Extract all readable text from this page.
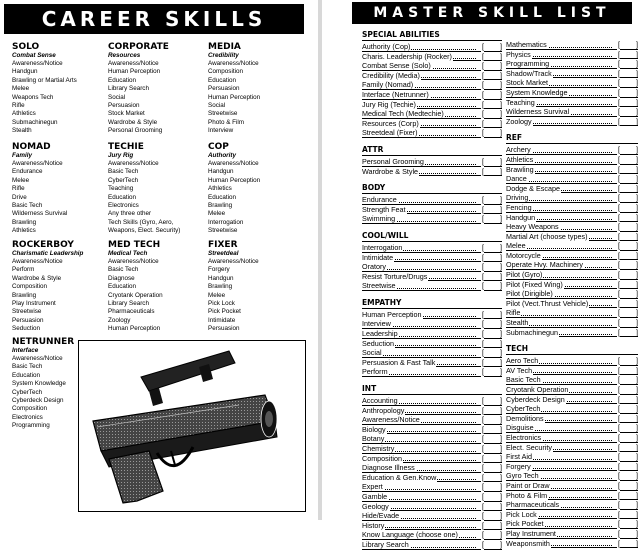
CAREER SKILLS
SOLO
Combat Sense
Awareness/Notice
Handgun
Brawling or Martial Arts
Melee
Weapons Tech
Rifle
Athletics
Submachinegun
Stealth
CORPORATE
Resources
Awareness/Notice
Human Perception
Education
Library Search
Social
Persuasion
Stock Market
Wardrobe & Style
Personal Grooming
MEDIA
Credibility
Awareness/Notice
Composition
Education
Persuasion
Human Perception
Social
Streetwise
Photo & Film
Interview
NOMAD
Family
Awareness/Notice
Endurance
Melee
Rifle
Drive
Basic Tech
Wilderness Survival
Brawling
Athletics
TECHIE
Jury Rig
Awareness/Notice
Basic Tech
CyberTech
Teaching
Education
Electronics
Any three other
Tech Skills (Gyro, Aero,
Weapons, Elect. Security)
COP
Authority
Awareness/Notice
Handgun
Human Perception
Athletics
Education
Brawling
Melee
Interrogation
Streetwise
ROCKERBOY
Charismatic Leadership
Awareness/Notice
Perform
Wardrobe & Style
Composition
Brawling
Play Instrument
Streetwise
Persuasion
Seduction
MED TECH
Medical Tech
Awareness/Notice
Basic Tech
Diagnose
Education
Cryotank Operation
Library Search
Pharmaceuticals
Zoology
Human Perception
FIXER
Streetdeal
Awareness/Notice
Forgery
Handgun
Brawling
Melee
Pick Lock
Pick Pocket
Intimidate
Persuasion
NETRUNNER
Interface
Awareness/Notice
Basic Tech
Education
System Knowledge
CyberTech
Cyberdeck Design
Composition
Electronics
Programming
MASTER SKILL LIST
SPECIAL ABILITIES
Authority (Cop)	[ ]
Charis. Leadership (Rocker)	[ ]
Combat Sense (Solo)	[ ]
Credibility (Media)	[ ]
Family (Nomad)	[ ]
Interface (Netrunner)	[ ]
Jury Rig (Techie)	[ ]
Medical Tech (Medtechie)	[ ]
Resources (Corp)	[ ]
Streetdeal (Fixer)	[ ]
ATTR
Personal Grooming	[ ]
Wardrobe & Style	[ ]
BODY
Endurance	[ ]
Strength Feat	[ ]
Swimming	[ ]
COOL/WILL
Interrogation	[ ]
Intimidate	[ ]
Oratory	[ ]
Resist Torture/Drugs	[ ]
Streetwise	[ ]
EMPATHY
Human Perception	[ ]
Interview	[ ]
Leadership	[ ]
Seduction	[ ]
Social	[ ]
Persuasion & Fast Talk	[ ]
Perform	[ ]
INT
Accounting	[ ]
Anthropology	[ ]
Awareness/Notice	[ ]
Biology	[ ]
Botany	[ ]
Chemistry	[ ]
Composition	[ ]
Diagnose Illness	[ ]
Education & Gen.Know	[ ]
Expert	[ ]
Gamble	[ ]
Geology	[ ]
Hide/Evade	[ ]
History	[ ]
Know Language (choose one)	[ ]
Library Search	[ ]
Mathematics	[ ]
Physics	[ ]
Programming	[ ]
Shadow/Track	[ ]
Stock Market	[ ]
System Knowledge	[ ]
Teaching	[ ]
Wilderness Survival	[ ]
Zoology	[ ]
REF
Archery	[ ]
Athletics	[ ]
Brawling	[ ]
Dance	[ ]
Dodge & Escape	[ ]
Driving	[ ]
Fencing	[ ]
Handgun	[ ]
Heavy Weapons	[ ]
Martial Art (choose types)	[ ]
Melee	[ ]
Motorcycle	[ ]
Operate Hvy. Machinery	[ ]
Pilot (Gyro)	[ ]
Pilot (Fixed Wing)	[ ]
Pilot (Dirigible)	[ ]
Pilot (Vect.Thrust Vehicle)	[ ]
Rifle	[ ]
Stealth	[ ]
Submachinegun	[ ]
TECH
Aero Tech	[ ]
AV Tech	[ ]
Basic Tech	[ ]
Cryotank Operation	[ ]
Cyberdeck Design	[ ]
CyberTech	[ ]
Demolitions	[ ]
Disguise	[ ]
Electronics	[ ]
Elect. Security	[ ]
First Aid	[ ]
Forgery	[ ]
Gyro Tech	[ ]
Paint or Draw	[ ]
Photo & Film	[ ]
Pharmaceuticals	[ ]
Pick Lock	[ ]
Pick Pocket	[ ]
Play Instrument	[ ]
Weaponsmith	[ ]
